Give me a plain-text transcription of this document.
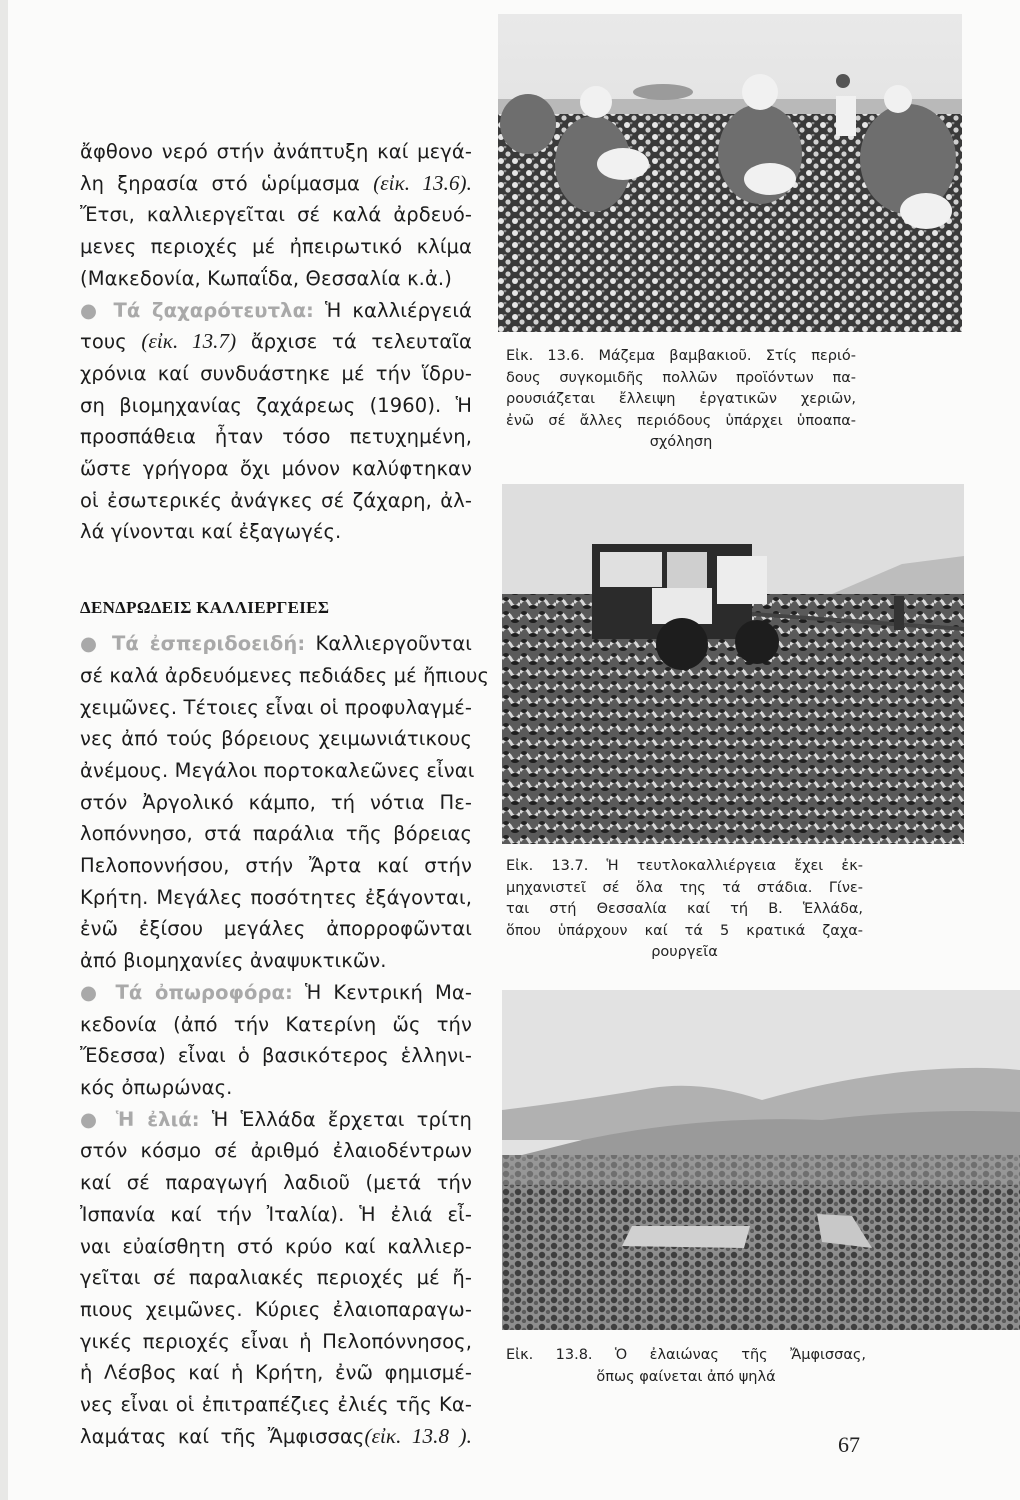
ἄφθονο νερό στήν ἀνάπτυξη καί μεγά-
λη ξηρασία στό ὡρίμασμα (εἰκ. 13.6).
Ἔτσι, καλλιεργεῖται σέ καλά ἀρδευό-
μενες περιοχές μέ ἠπειρωτικό κλίμα
(Μακεδονία, Κωπαΐδα, Θεσσαλία κ.ἀ.)
● Τά ζαχαρότευτλα: Ἡ καλλιέργειά
τους (εἰκ. 13.7) ἄρχισε τά τελευταῖα
χρόνια καί συνδυάστηκε μέ τήν ἵδρυ-
ση βιομηχανίας ζαχάρεως (1960). Ἡ
προσπάθεια ἦταν τόσο πετυχημένη,
ὥστε γρήγορα ὄχι μόνον καλύφτηκαν
οἱ ἐσωτερικές ἀνάγκες σέ ζάχαρη, ἀλ-
λά γίνονται καί ἐξαγωγές.
ΔΕΝΔΡΩΔΕΙΣ ΚΑΛΛΙΕΡΓΕΙΕΣ
● Τά ἐσπεριδοειδή: Καλλιεργοῦνται
σέ καλά ἀρδευόμενες πεδιάδες μέ ἤπιους
χειμῶνες. Τέτοιες εἶναι οἱ προφυλαγμέ-
νες ἀπό τούς βόρειους χειμωνιάτικους
ἀνέμους. Μεγάλοι πορτοκαλεῶνες εἶναι
στόν Ἀργολικό κάμπο, τή νότια Πε-
λοπόννησο, στά παράλια τῆς βόρειας
Πελοποννήσου, στήν Ἄρτα καί στήν
Κρήτη. Μεγάλες ποσότητες ἐξάγονται,
ἐνῶ ἐξίσου μεγάλες ἀπορροφῶνται
ἀπό βιομηχανίες ἀναψυκτικῶν.
● Τά ὀπωροφόρα: Ἡ Κεντρική Μα-
κεδονία (ἀπό τήν Κατερίνη ὥς τήν
Ἔδεσσα) εἶναι ὁ βασικότερος ἑλληνι-
κός ὀπωρώνας.
● Ἡ ἐλιά: Ἡ Ἑλλάδα ἔρχεται τρίτη
στόν κόσμο σέ ἀριθμό ἐλαιοδέντρων
καί σέ παραγωγή λαδιοῦ (μετά τήν
Ἰσπανία καί τήν Ἰταλία). Ἡ ἐλιά εἶ-
ναι εὐαίσθητη στό κρύο καί καλλιερ-
γεῖται σέ παραλιακές περιοχές μέ ἤ-
πιους χειμῶνες. Κύριες ἐλαιοπαραγω-
γικές περιοχές εἶναι ἡ Πελοπόννησος,
ἡ Λέσβος καί ἡ Κρήτη, ἐνῶ φημισμέ-
νες εἶναι οἱ ἐπιτραπέζιες ἐλιές τῆς Κα-
λαμάτας καί τῆς Ἄμφισσας(εἰκ. 13.8 ).
Εἰκ. 13.6. Μάζεμα βαμβακιοῦ. Στίς περιό-
δους συγκομιδῆς πολλῶν προϊόντων πα-
ρουσιάζεται ἔλλειψη ἐργατικῶν χεριῶν,
ἐνῶ σέ ἄλλες περιόδους ὑπάρχει ὑποαπα-
σχόληση
Εἰκ. 13.7. Ἡ τευτλοκαλλιέργεια ἔχει ἐκ-
μηχανιστεῖ σέ ὅλα της τά στάδια. Γίνε-
ται στή Θεσσαλία καί τή Β. Ἑλλάδα,
ὅπου ὑπάρχουν καί τά 5 κρατικά ζαχα-
ρουργεῖα
Εἰκ. 13.8. Ὁ ἐλαιώνας τῆς Ἄμφισσας,
ὅπως φαίνεται ἀπό ψηλά
67
